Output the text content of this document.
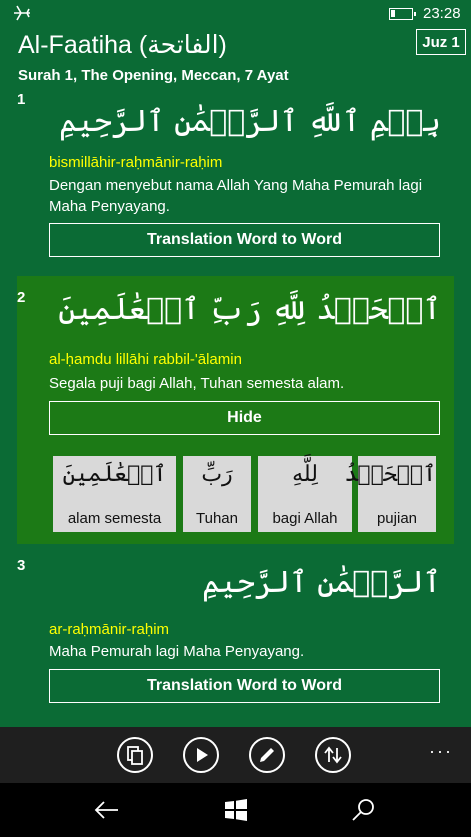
23:28
Al-Faatiha (الفاتحة)	Juz 1
Surah 1, The Opening, Meccan, 7 Ayat
1
بِسۡمِ ٱللَّهِ ٱلرَّحۡمَٰنِ ٱلرَّحِيمِ
bismillāhir-raḥmānir-raḥim
Dengan menyebut nama Allah Yang Maha Pemurah lagi Maha Penyayang.
Translation Word to Word
2 ٱلۡحَمۡدُ لِلَّهِ رَبِّ ٱلۡعَٰلَمِينَ
al-ḥamdu lillāhi rabbil-'ālamin
Segala puji bagi Allah, Tuhan semesta alam.
Hide
ٱلۡعَٰلَمِينَ
alam semesta
رَبِّ
Tuhan
لِلَّهِ
bagi Allah
ٱلۡحَمۡدُ
pujian
3	ٱلرَّحۡمَٰنِ ٱلرَّحِيمِ
ar-raḥmānir-raḥim
Maha Pemurah lagi Maha Penyayang.
Translation Word to Word
···
